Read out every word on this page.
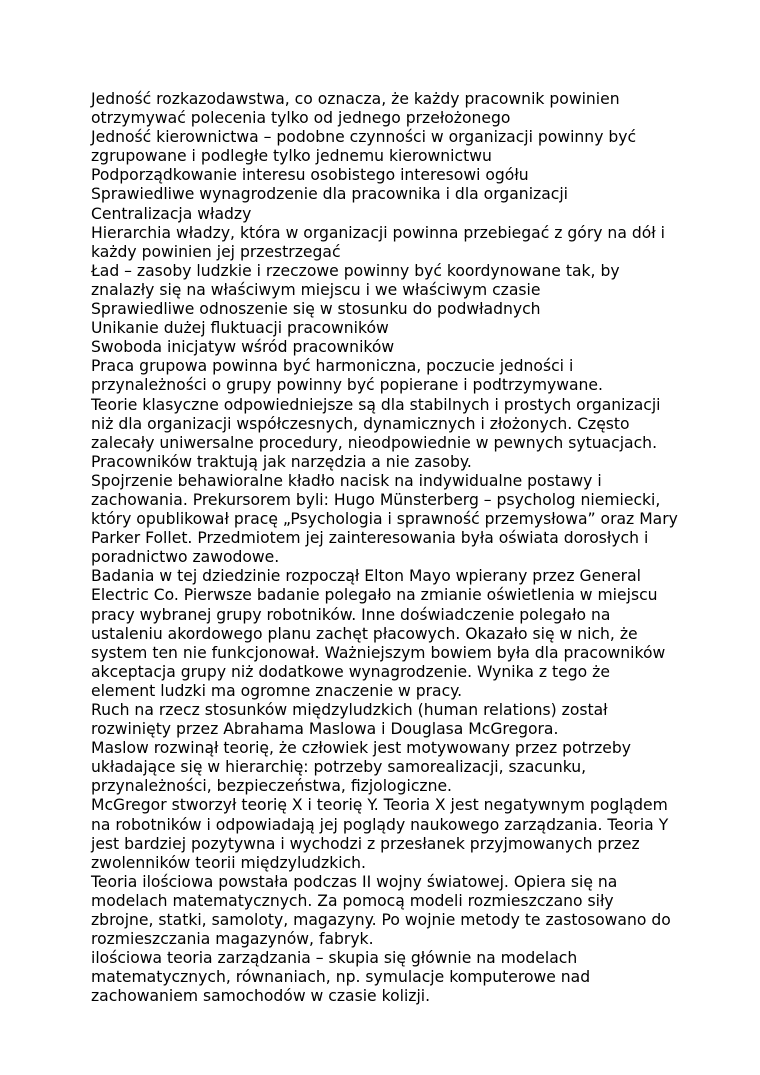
Jedność rozkazodawstwa, co oznacza, że każdy pracownik powinien
otrzymywać polecenia tylko od jednego przełożonego

Jedność kierownictwa – podobne czynności w organizacji powinny być
zgrupowane i podległe tylko jednemu kierownictwu

Podporządkowanie interesu osobistego interesowi ogółu

Sprawiedliwe wynagrodzenie dla pracownika i dla organizacji

Centralizacja władzy

Hierarchia władzy, która w organizacji powinna przebiegać z góry na dół i
każdy powinien jej przestrzegać

Ład – zasoby ludzkie i rzeczowe powinny być koordynowane tak, by
znalazły się na właściwym miejscu i we właściwym czasie

Sprawiedliwe odnoszenie się w stosunku do podwładnych

Unikanie dużej fluktuacji pracowników

Swoboda inicjatyw wśród pracowników

Praca grupowa powinna być harmoniczna, poczucie jedności i
przynależności o grupy powinny być popierane i podtrzymywane.

Teorie klasyczne odpowiedniejsze są dla stabilnych i prostych organizacji
niż dla organizacji współczesnych, dynamicznych i złożonych. Często
zalecały uniwersalne procedury, nieodpowiednie w pewnych sytuacjach.
Pracowników traktują jak narzędzia a nie zasoby.

Spojrzenie behawioralne kładło nacisk na indywidualne postawy i
zachowania. Prekursorem byli: Hugo Münsterberg – psycholog niemiecki,
który opublikował pracę „Psychologia i sprawność przemysłowa” oraz Mary
Parker Follet. Przedmiotem jej zainteresowania była oświata dorosłych i
poradnictwo zawodowe.

Badania w tej dziedzinie rozpoczął Elton Mayo wpierany przez General
Electric Co. Pierwsze badanie polegało na zmianie oświetlenia w miejscu
pracy wybranej grupy robotników. Inne doświadczenie polegało na
ustaleniu akordowego planu zachęt płacowych. Okazało się w nich, że
system ten nie funkcjonował. Ważniejszym bowiem była dla pracowników
akceptacja grupy niż dodatkowe wynagrodzenie. Wynika z tego że
element ludzki ma ogromne znaczenie w pracy.

Ruch na rzecz stosunków międzyludzkich (human relations) został
rozwinięty przez Abrahama Maslowa i Douglasa McGregora.

Maslow rozwinął teorię, że człowiek jest motywowany przez potrzeby
układające się w hierarchię: potrzeby samorealizacji, szacunku,
przynależności, bezpieczeństwa, fizjologiczne.

McGregor stworzył teorię X i teorię Y. Teoria X jest negatywnym poglądem
na robotników i odpowiadają jej poglądy naukowego zarządzania. Teoria Y
jest bardziej pozytywna i wychodzi z przesłanek przyjmowanych przez
zwolenników teorii międzyludzkich.

Teoria ilościowa powstała podczas II wojny światowej. Opiera się na
modelach matematycznych. Za pomocą modeli rozmieszczano siły
zbrojne, statki, samoloty, magazyny. Po wojnie metody te zastosowano do
rozmieszczania magazynów, fabryk.

ilościowa teoria zarządzania – skupia się głównie na modelach
matematycznych, równaniach, np. symulacje komputerowe nad
zachowaniem samochodów w czasie kolizji.
